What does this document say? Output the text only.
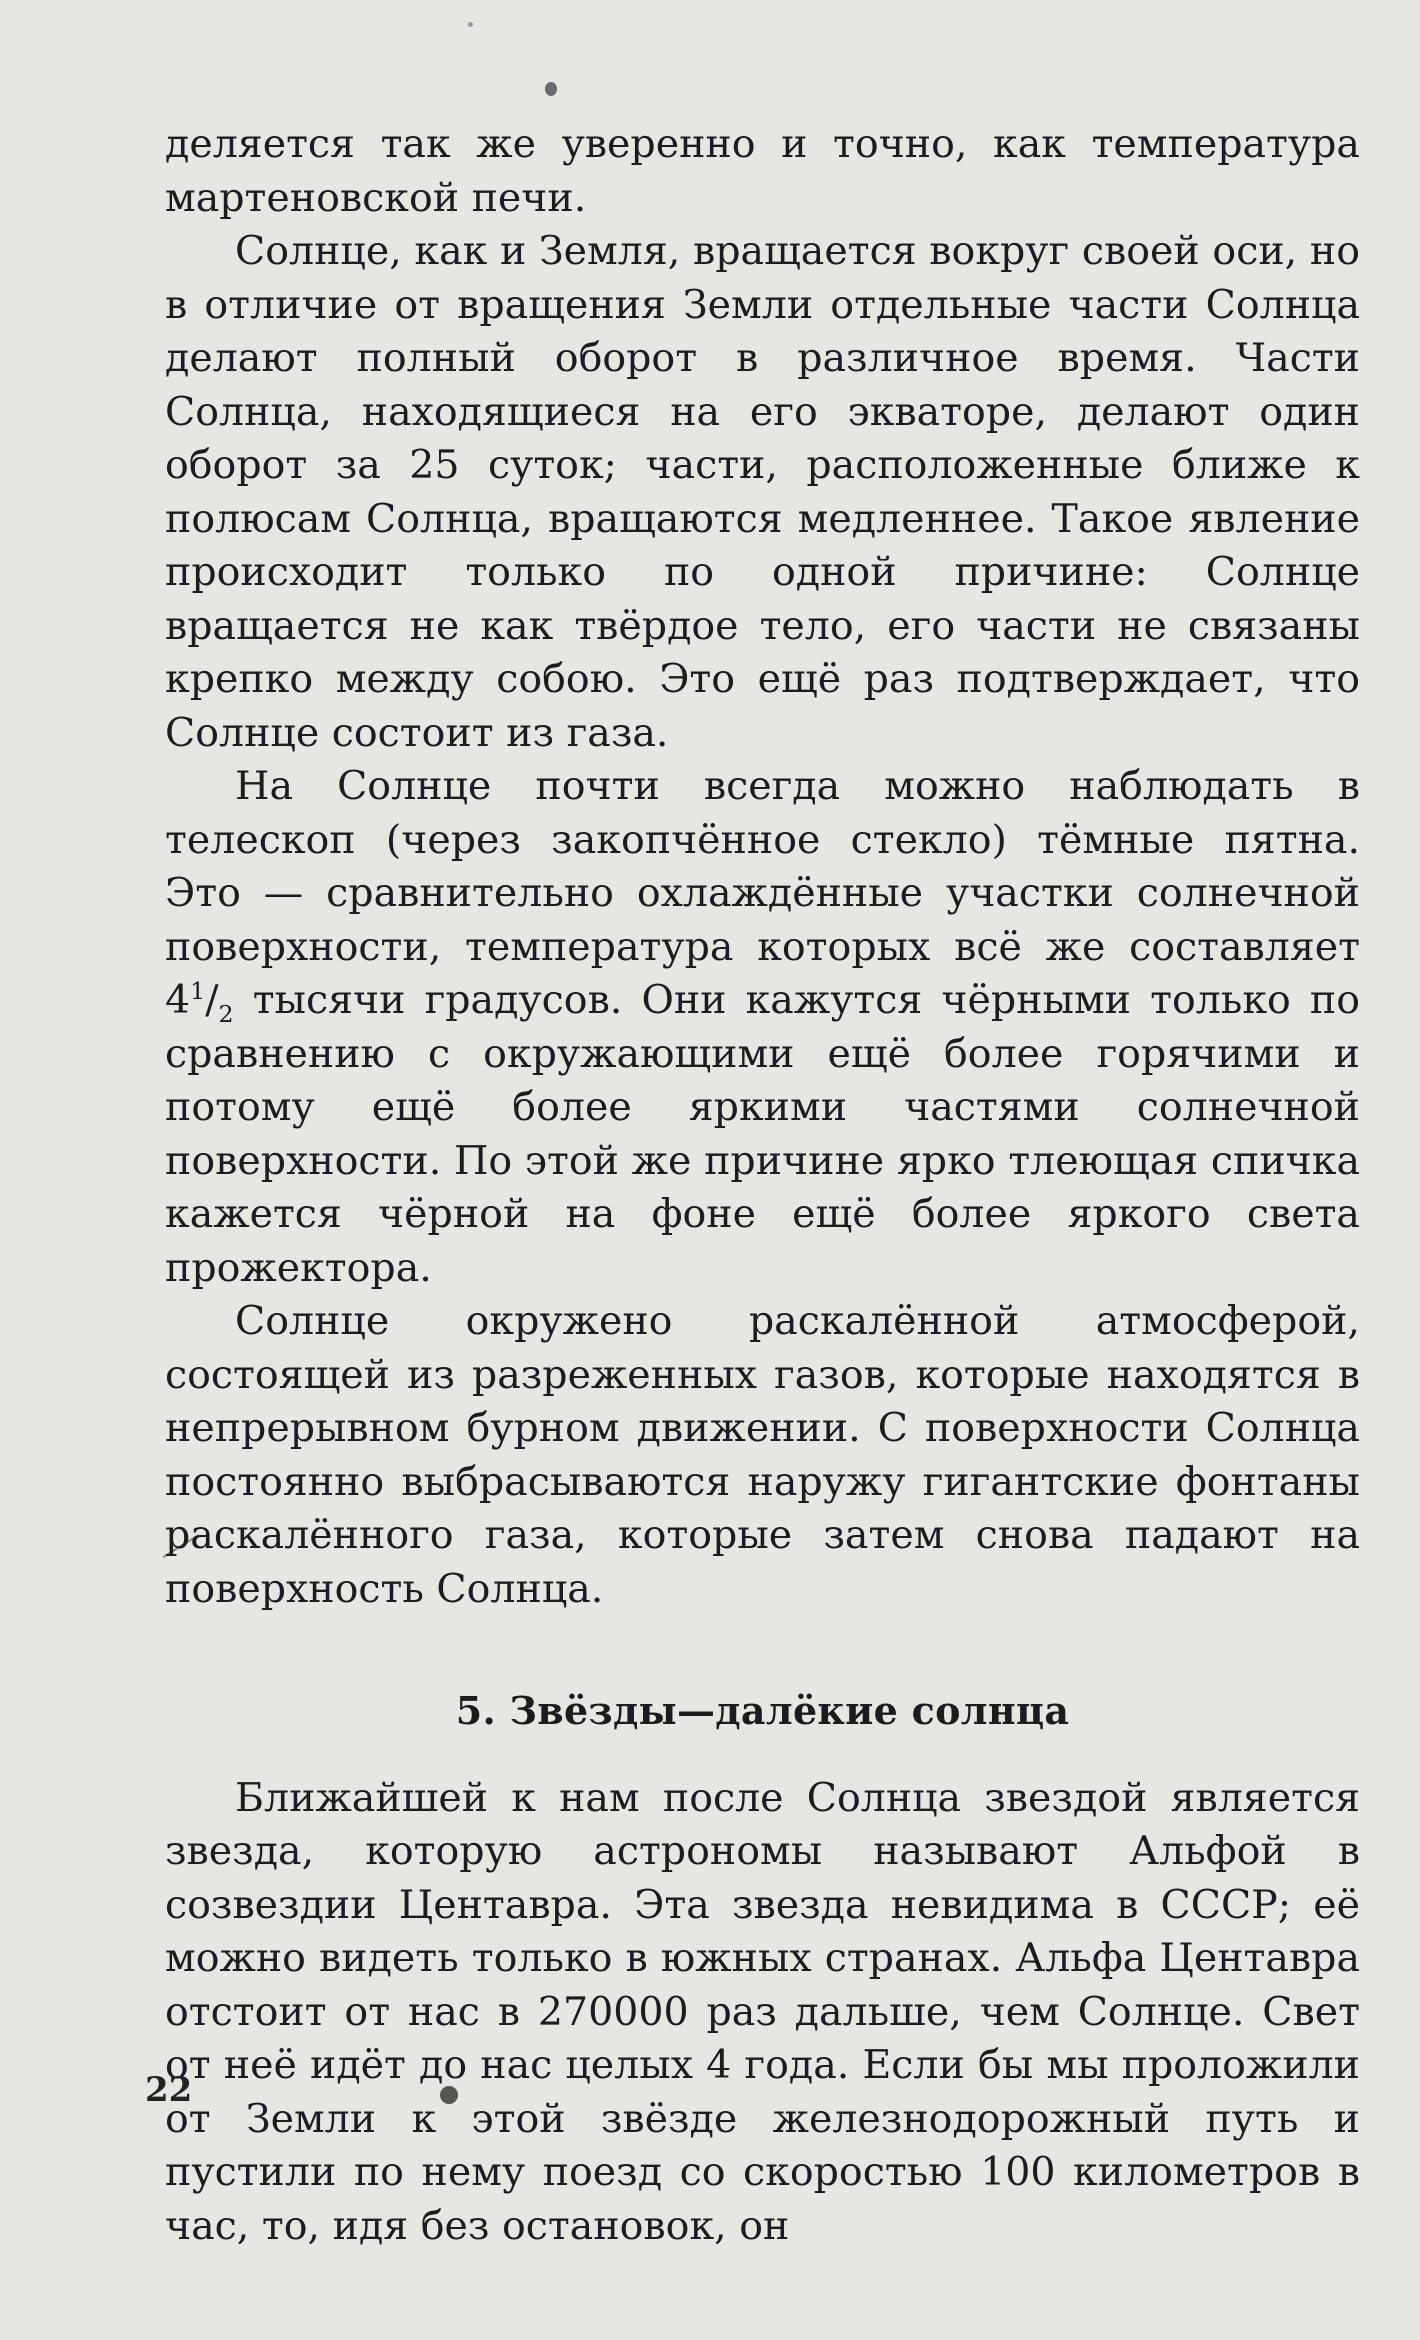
деляется так же уверенно и точно, как температура мартеновской печи.

Солнце, как и Земля, вращается вокруг своей оси, но в отличие от вращения Земли отдельные части Солнца делают полный оборот в различное время. Части Солнца, находящиеся на его экваторе, делают один оборот за 25 суток; части, расположенные ближе к полюсам Солнца, вращаются медленнее. Такое явление происходит только по одной причине: Солнце вращается не как твёрдое тело, его части не связаны крепко между собою. Это ещё раз подтверждает, что Солнце состоит из газа.

На Солнце почти всегда можно наблюдать в телескоп (через закопчённое стекло) тёмные пятна. Это — сравнительно охлаждённые участки солнечной поверхности, температура которых всё же составляет $4^1/_2$ тысячи градусов. Они кажутся чёрными только по сравнению с окружающими ещё более горячими и потому ещё более яркими частями солнечной поверхности. По этой же причине ярко тлеющая спичка кажется чёрной на фоне ещё более яркого света прожектора.

Солнце окружено раскалённой атмосферой, состоящей из разреженных газов, которые находятся в непрерывном бурном движении. С поверхности Солнца постоянно выбрасываются наружу гигантские фонтаны раскалённого газа, которые затем снова падают на поверхность Солнца.

5. Звёзды—далёкие солнца

Ближайшей к нам после Солнца звездой является звезда, которую астрономы называют Альфой в созвездии Центавра. Эта звезда невидима в СССР; её можно видеть только в южных странах. Альфа Центавра отстоит от нас в 270000 раз дальше, чем Солнце. Свет от неё идёт до нас целых 4 года. Если бы мы проложили от Земли к этой звёзде железнодорожный путь и пустили по нему поезд со скоростью 100 километров в час, то, идя без остановок, он

22
